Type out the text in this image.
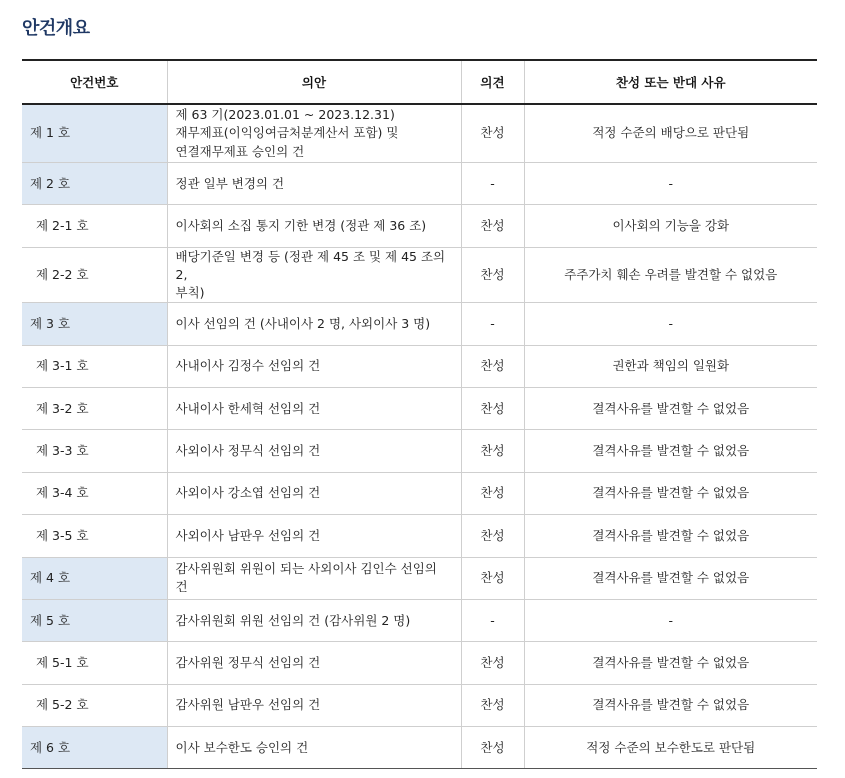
안건개요
안건번호	의안	의견	찬성 또는 반대 사유
제 1 호	제 63 기(2023.01.01 ~ 2023.12.31)
재무제표(이익잉여금처분계산서 포함) 및
연결재무제표 승인의 건	찬성	적정 수준의 배당으로 판단됨
제 2 호	정관 일부 변경의 건	-	-
제 2-1 호	이사회의 소집 통지 기한 변경 (정관 제 36 조)	찬성	이사회의 기능을 강화
제 2-2 호	배당기준일 변경 등 (정관 제 45 조 및 제 45 조의 2,
부칙)	찬성	주주가치 훼손 우려를 발견할 수 없었음
제 3 호	이사 선임의 건 (사내이사 2 명, 사외이사 3 명)	-	-
제 3-1 호	사내이사 김정수 선임의 건	찬성	권한과 책임의 일원화
제 3-2 호	사내이사 한세혁 선임의 건	찬성	결격사유를 발견할 수 없었음
제 3-3 호	사외이사 정무식 선임의 건	찬성	결격사유를 발견할 수 없었음
제 3-4 호	사외이사 강소엽 선임의 건	찬성	결격사유를 발견할 수 없었음
제 3-5 호	사외이사 남판우 선임의 건	찬성	결격사유를 발견할 수 없었음
제 4 호	감사위원회 위원이 되는 사외이사 김인수 선임의 건	찬성	결격사유를 발견할 수 없었음
제 5 호	감사위원회 위원 선임의 건 (감사위원 2 명)	-	-
제 5-1 호	감사위원 정무식 선임의 건	찬성	결격사유를 발견할 수 없었음
제 5-2 호	감사위원 남판우 선임의 건	찬성	결격사유를 발견할 수 없었음
제 6 호	이사 보수한도 승인의 건	찬성	적정 수준의 보수한도로 판단됨
